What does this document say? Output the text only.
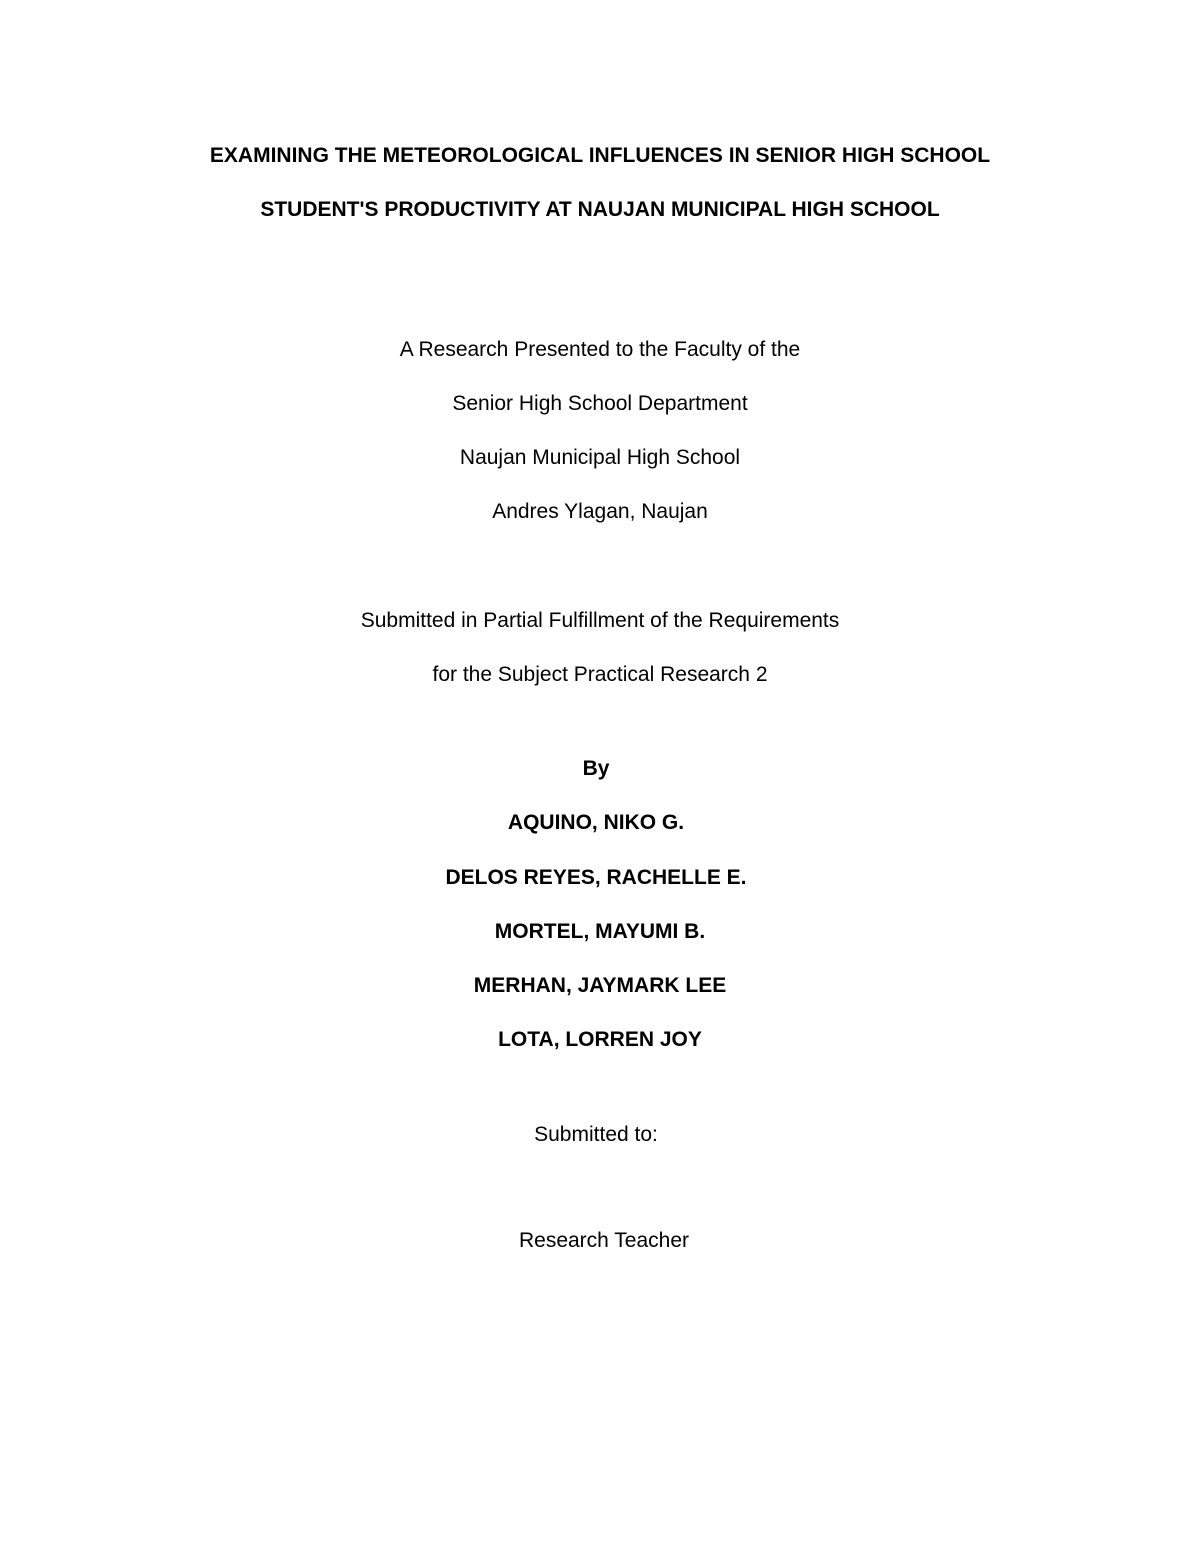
EXAMINING THE METEOROLOGICAL INFLUENCES IN SENIOR HIGH SCHOOL
STUDENT'S PRODUCTIVITY AT NAUJAN MUNICIPAL HIGH SCHOOL
A Research Presented to the Faculty of the
Senior High School Department
Naujan Municipal High School
Andres Ylagan, Naujan
Submitted in Partial Fulfillment of the Requirements
for the Subject Practical Research 2
By
AQUINO, NIKO G.
DELOS REYES, RACHELLE E.
MORTEL, MAYUMI B.
MERHAN, JAYMARK LEE
LOTA, LORREN JOY
Submitted to:
Research Teacher
